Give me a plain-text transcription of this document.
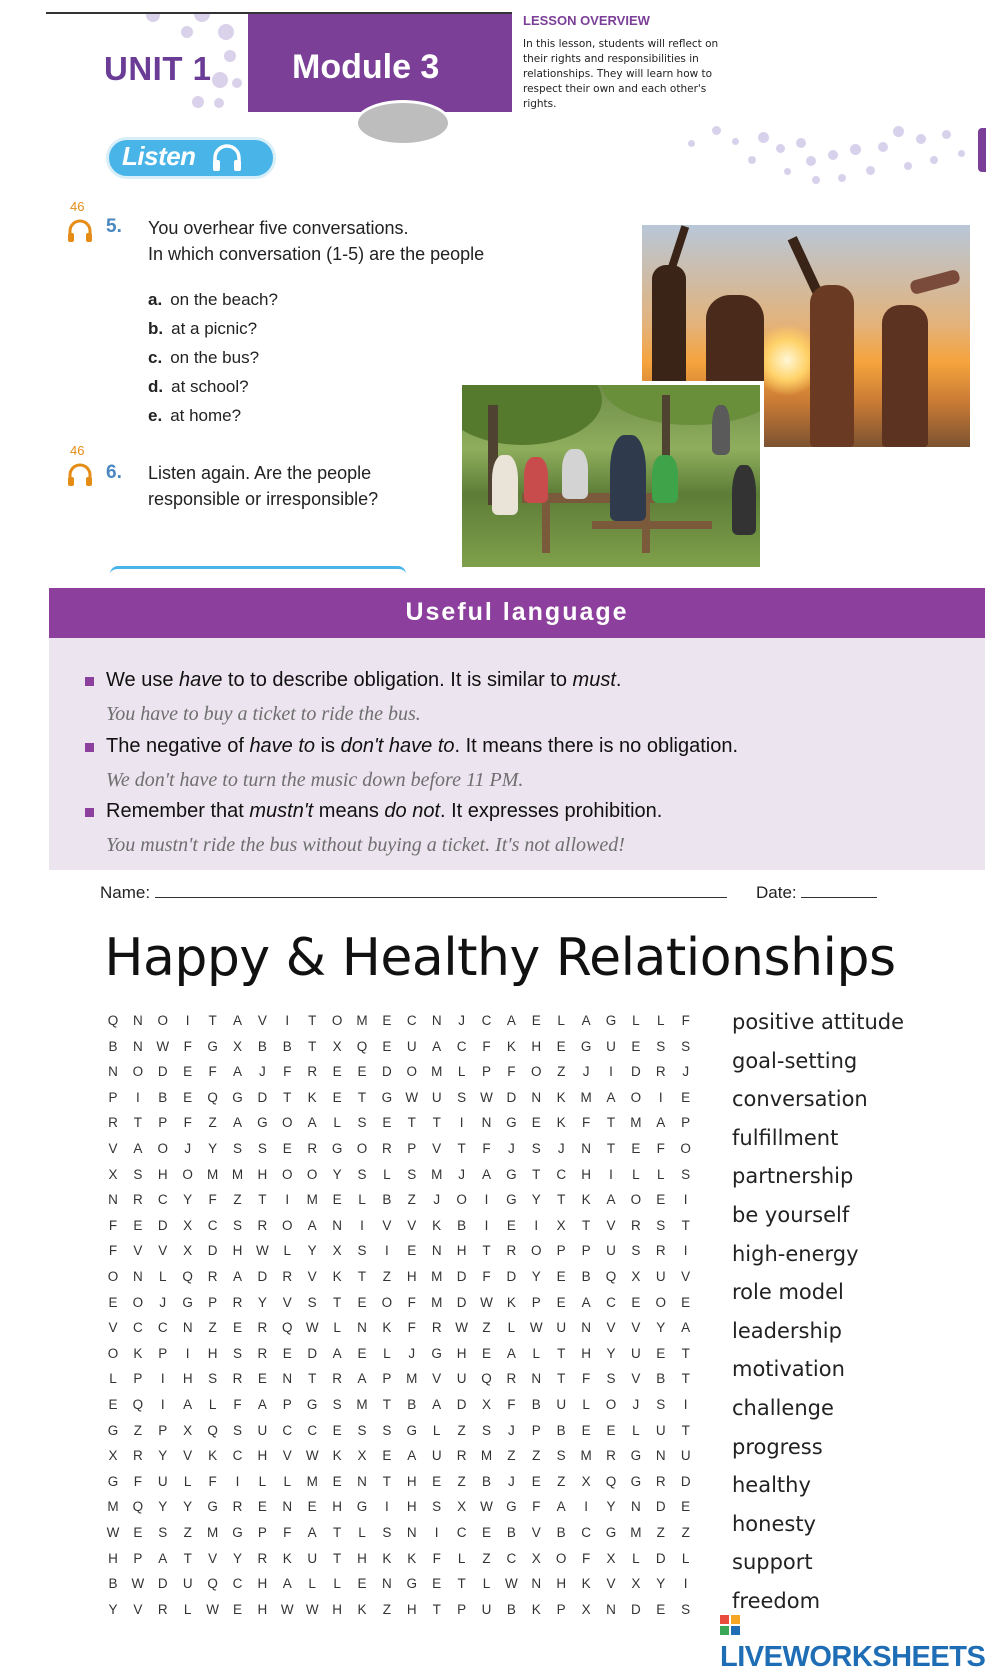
UNIT 1 Module 3
LESSON OVERVIEW
In this lesson, students will reflect on their rights and responsibilities in relationships. They will learn how to respect their own and each other's rights.
Listen
46
5. You overhear five conversations.
In which conversation (1-5) are the people
a. on the beach?
b. at a picnic?
c. on the bus?
d. at school?
e. at home?
46
6. Listen again. Are the people
responsible or irresponsible?
Useful language
We use have to to describe obligation. It is similar to must.
You have to buy a ticket to ride the bus.
The negative of have to is don't have to. It means there is no obligation.
We don't have to turn the music down before 11 PM.
Remember that mustn't means do not. It expresses prohibition.
You mustn't ride the bus without buying a ticket. It's not allowed!
Name:	Date:
Happy & Healthy Relationships
Q	N	O	I	T	A	V	I	T	O M	E	C	N	J	C	A	E	L	A	G	L	L	F
B	N	W	F	G	X	B	B	T	X	Q	E	U	A	C	F	K	H	E	G	U	E	S	S
N	O	D	E	F	A	J	F	R	E	E	D	O M	L	P	F	O	Z	J	I	D	R	J
P	I	B	E	Q G	D	T	K	E	T	G W	U	S	W	D	N	K	M	A	O	I	E
R	T	P	F	Z	A	G O	A	L	S	E	T	T	I	N	G	E	K	F	T	M	A	P
V	A	O	J	Y	S	S	E	R	G O	R	P	V	T	F	J	S	J	N	T	E	F	O
X	S	H	O M M	H	O O	Y	S	L	S	M	J	A	G	T	C	H	I	L	L	S
N	R	C	Y	F	Z	T	I	M	E	L	B	Z	J	O	I	G	Y	T	K	A	O	E	I
F	E	D	X	C	S	R	O	A	N	I	V	V	K	B	I	E	I	X	T	V	R	S	T
F	V	V	X	D	H	W	L	Y	X	S	I	E	N	H	T	R	O	P	P	U	S	R	I
O	N	L	Q	R	A	D	R	V	K	T	Z	H	M	D	F	D	Y	E	B	Q	X	U	V
E	O	J	G	P	R	Y	V	S	T	E	O	F	M	D	W	K	P	E	A	C	E	O	E
V	C	C	N	Z	E	R	Q W	L	N	K	F	R	W	Z	L	W	U	N	V	V	Y	A
O	K	P	I	H	S	R	E	D	A	E	L	J	G	H	E	A	L	T	H	Y	U	E	T
L	P	I	H	S	R	E	N	T	R	A	P	M	V	U	Q	R	N	T	F	S	V	B	T
E	Q	I	A	L	F	A	P	G	S	M	T	B	A	D	X	F	B	U	L	O	J	S	I
G	Z	P	X	Q	S	U	C	C	E	S	S	G	L	Z	S	J	P	B	E	E	L	U	T
X	R	Y	V	K	C	H	V	W	K	X	E	A	U	R	M	Z	Z	S	M	R	G	N	U
G	F	U	L	F	I	L	L	M	E	N	T	H	E	Z	B	J	E	Z	X	Q G	R	D
M Q	Y	Y	G	R	E	N	E	H	G	I	H	S	X	W G	F	A	I	Y	N	D	E
W	E	S	Z	M G	P	F	A	T	L	S	N	I	C	E	B	V	B	C	G M	Z	Z
H	P	A	T	V	Y	R	K	U	T	H	K	K	F	L	Z	C	X	O	F	X	L	D	L
B	W	D	U	Q	C	H	A	L	L	E	N	G	E	T	L	W	N	H	K	V	X	Y	I
Y	V	R	L	W	E	H	W W	H	K	Z	H	T	P	U	B	K	P	X	N	D	E	S
positive attitude
goal-setting
conversation
fulfillment
partnership
be yourself
high-energy
role model
leadership
motivation
challenge
progress
healthy
honesty
support
freedom
LIVEWORKSHEETS
